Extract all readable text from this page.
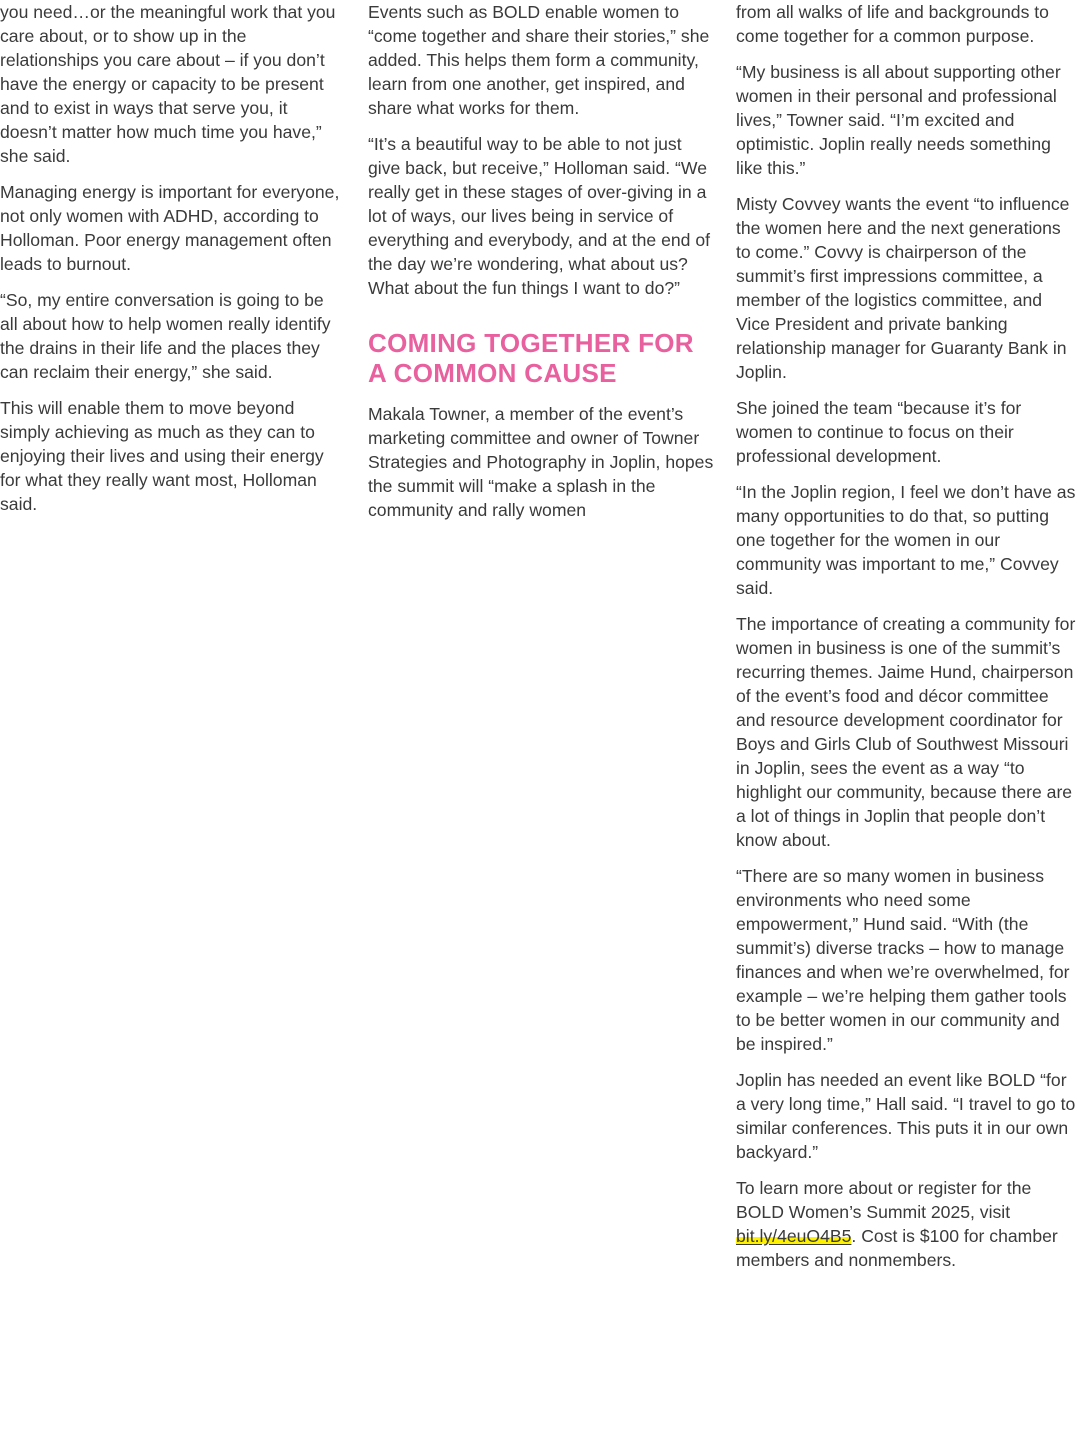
you need…or the meaningful work that you care about, or to show up in the relationships you care about – if you don’t have the energy or capacity to be present and to exist in ways that serve you, it doesn’t matter how much time you have,” she said.

Managing energy is important for everyone, not only women with ADHD, according to Holloman. Poor energy management often leads to burnout.

“So, my entire conversation is going to be all about how to help women really identify the drains in their life and the places they can reclaim their energy,” she said.

This will enable them to move beyond simply achieving as much as they can to enjoying their lives and using their energy for what they really want most, Holloman said.

Events such as BOLD enable women to “come together and share their stories,” she added. This helps them form a community, learn from one another, get inspired, and share what works for them.

“It’s a beautiful way to be able to not just give back, but receive,” Holloman said. “We really get in these stages of over-giving in a lot of ways, our lives being in service of everything and everybody, and at the end of the day we’re wondering, what about us? What about the fun things I want to do?”

COMING TOGETHER FOR A COMMON CAUSE

Makala Towner, a member of the event’s marketing committee and owner of Towner Strategies and Photography in Joplin, hopes the summit will “make a splash in the community and rally women

from all walks of life and backgrounds to come together for a common purpose.

“My business is all about supporting other women in their personal and professional lives,” Towner said. “I’m excited and optimistic. Joplin really needs something like this.”

Misty Covvey wants the event “to influence the women here and the next generations to come.” Covvy is chairperson of the summit’s first impressions committee, a member of the logistics committee, and Vice President and private banking relationship manager for Guaranty Bank in Joplin.

She joined the team “because it’s for women to continue to focus on their professional development.

“In the Joplin region, I feel we don’t have as many opportunities to do that, so putting one together for the women in our community was important to me,” Covvey said.

The importance of creating a community for women in business is one of the summit’s recurring themes. Jaime Hund, chairperson of the event’s food and décor committee and resource development coordinator for Boys and Girls Club of Southwest Missouri in Joplin, sees the event as a way “to highlight our community, because there are a lot of things in Joplin that people don’t know about.

“There are so many women in business environments who need some empowerment,” Hund said. “With (the summit’s) diverse tracks – how to manage finances and when we’re overwhelmed, for example – we’re helping them gather tools to be better women in our community and be inspired.”

Joplin has needed an event like BOLD “for a very long time,” Hall said. “I travel to go to similar conferences. This puts it in our own backyard.”

To learn more about or register for the BOLD Women’s Summit 2025, visit bit.ly/4euO4B5. Cost is $100 for chamber members and nonmembers.
